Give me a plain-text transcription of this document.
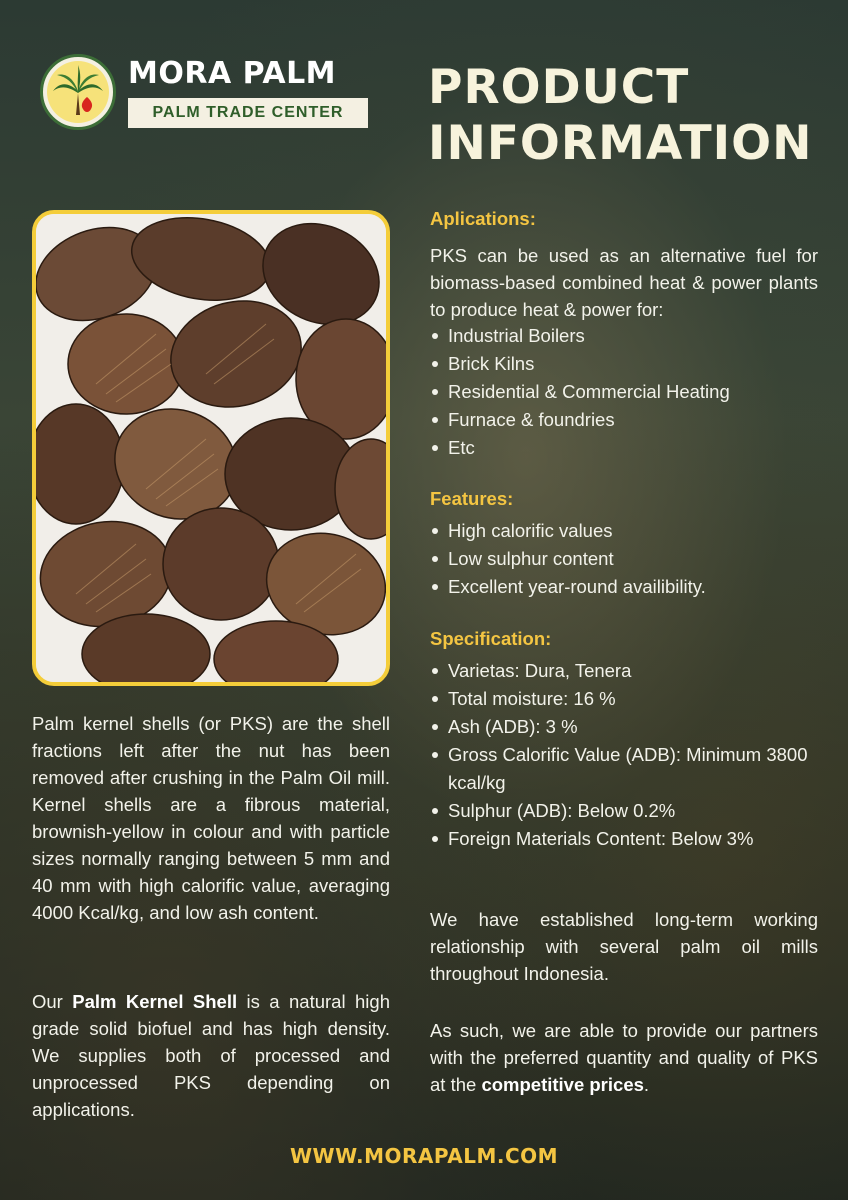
MORA PALM
PALM TRADE CENTER	PRODUCT
INFORMATION
Palm kernel shells (or PKS) are the shell fractions left after the nut has been removed after crushing in the Palm Oil mill. Kernel shells are a fibrous material, brownish-yellow in colour and with particle sizes normally ranging between 5 mm and 40 mm with high calorific value, averaging 4000 Kcal/kg, and low ash content.
Our Palm Kernel Shell is a natural high grade solid biofuel and has high density. We supplies both of processed and unprocessed PKS depending on applications.
Aplications:
PKS can be used as an alternative fuel for biomass-based combined heat & power plants to produce heat & power for:
Industrial Boilers
Brick Kilns
Residential & Commercial Heating
Furnace & foundries
Etc
Features:
High calorific values
Low sulphur content
Excellent year-round availibility.
Specification:
Varietas: Dura, Tenera
Total moisture: 16 %
Ash (ADB): 3 %
Gross Calorific Value (ADB): Minimum 3800 kcal/kg
Sulphur (ADB): Below 0.2%
Foreign Materials Content: Below 3%
We have established long-term working relationship with several palm oil mills throughout Indonesia.
As such, we are able to provide our partners with the preferred quantity and quality of PKS at the competitive prices.
WWW.MORAPALM.COM
